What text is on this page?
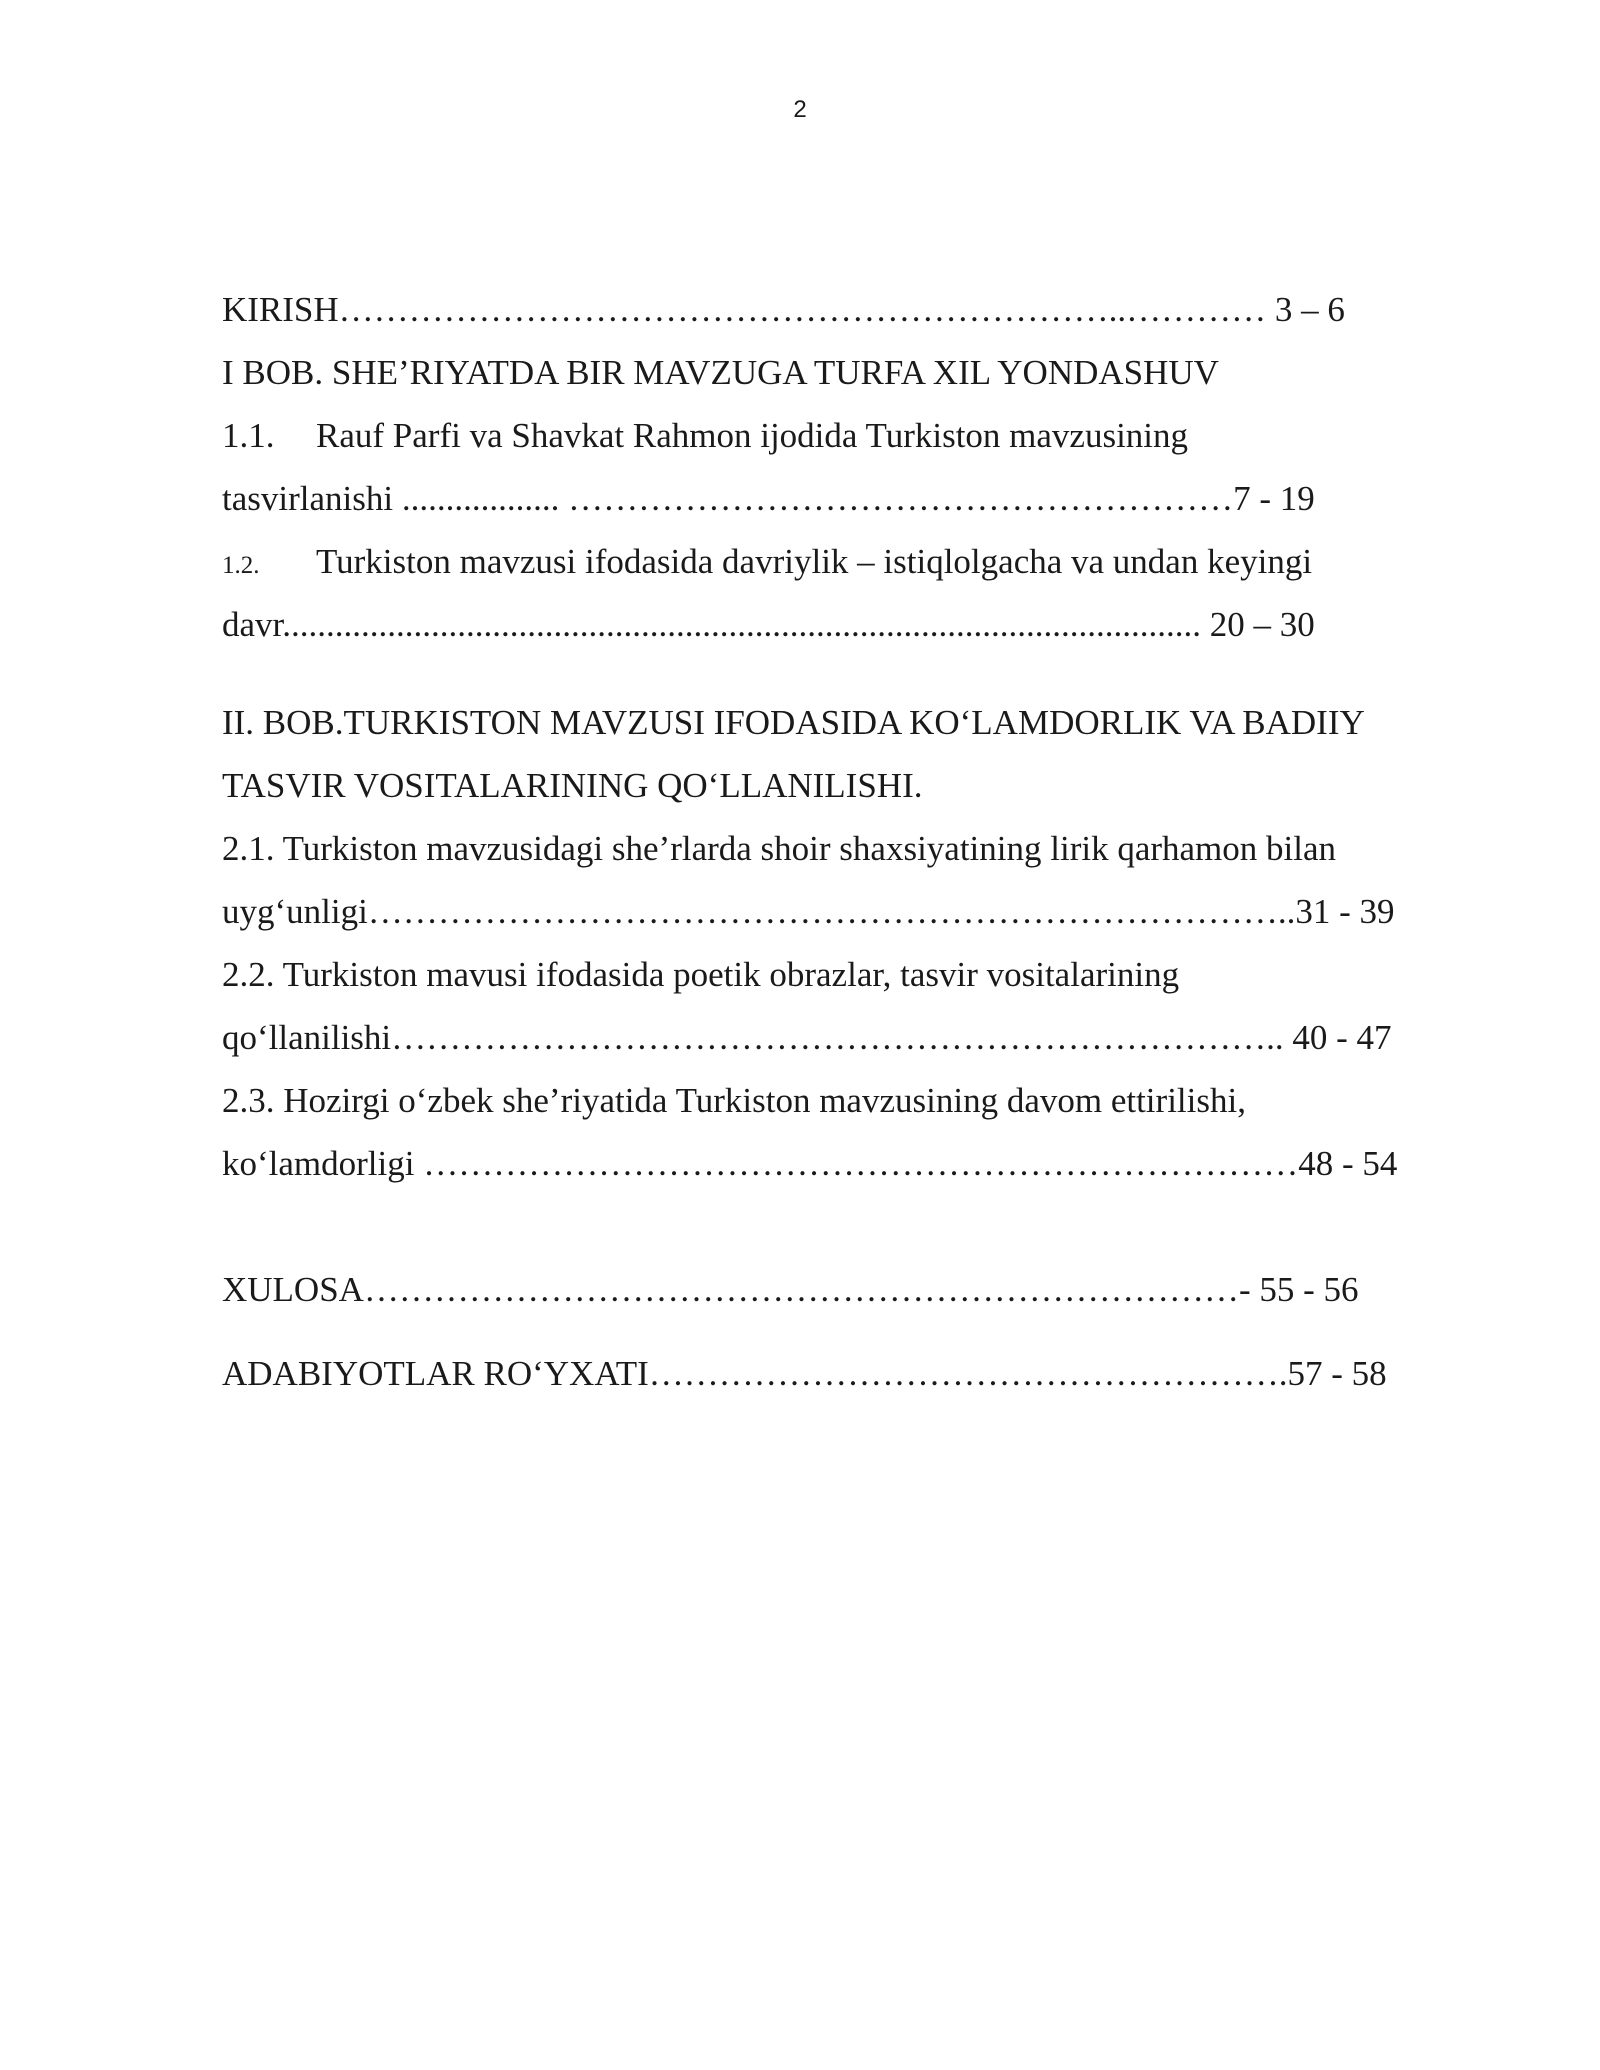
2
KIRISH…………………………………………………………..………… 3 – 6
I BOB. SHE’RIYATDA BIR MAVZUGA TURFA XIL YONDASHUV
1.1. Rauf Parfi va Shavkat Rahmon ijodida Turkiston mavzusining
tasvirlanishi .................. …………………………………………………7 - 19
1.2. Turkiston mavzusi ifodasida davriylik – istiqlolgacha va undan keyingi
davr......................................................................................................... 20 – 30
II. BOB.TURKISTON MAVZUSI IFODASIDA KO‘LAMDORLIK VA BADIIY
TASVIR VOSITALARINING QO‘LLANILISHI.
2.1. Turkiston mavzusidagi she’rlarda shoir shaxsiyatining lirik qarhamon bilan
uyg‘unligi……………………………………………………………………..31 - 39
2.2. Turkiston mavusi ifodasida poetik obrazlar, tasvir vositalarining
qo‘llanilishi………………………………………………………………….. 40 - 47
2.3. Hozirgi o‘zbek she’riyatida Turkiston mavzusining davom ettirilishi,
ko‘lamdorligi …………………………………………………………………48 - 54
XULOSA…………………………………………………………………- 55 - 56
ADABIYOTLAR RO‘YXATI……………………………………………….57 - 58
